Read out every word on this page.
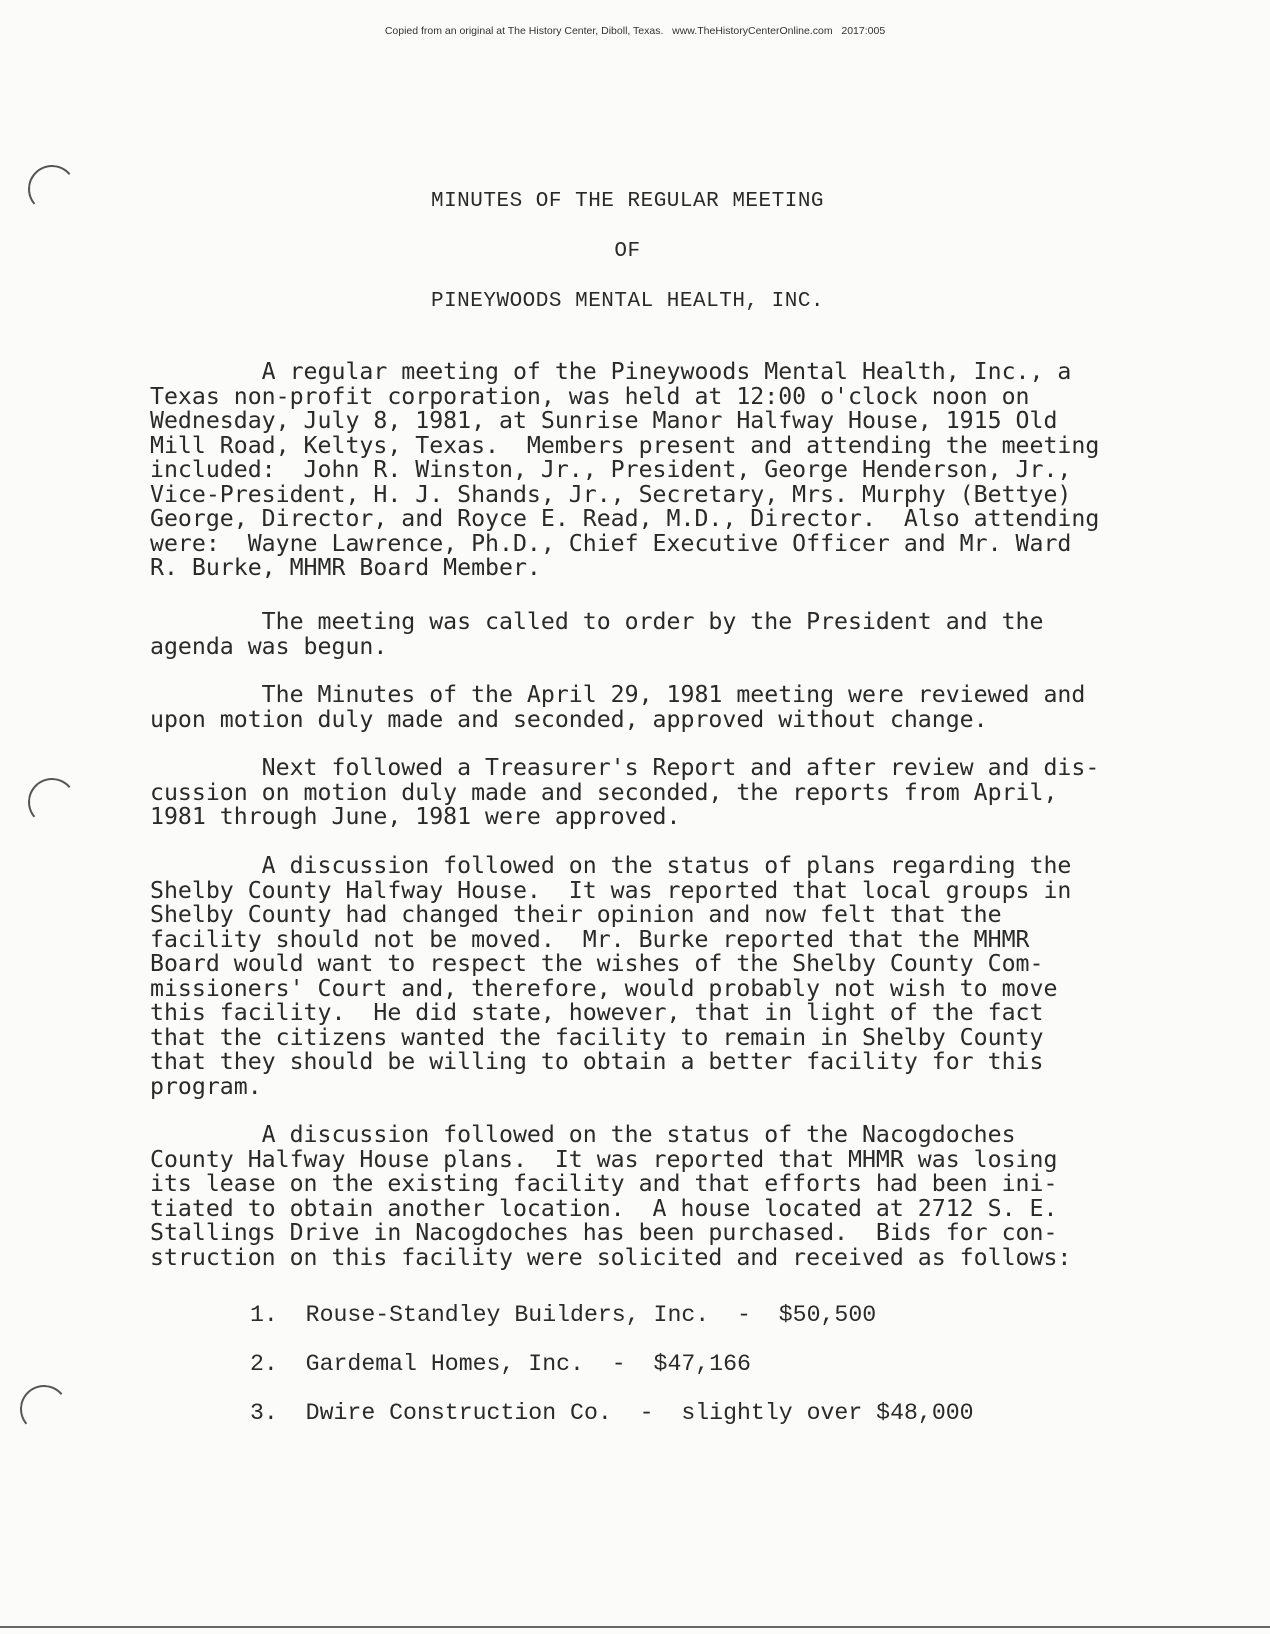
Copied from an original at The History Center, Diboll, Texas.   www.TheHistoryCenterOnline.com   2017:005
MINUTES OF THE REGULAR MEETING
OF
PINEYWOODS MENTAL HEALTH, INC.
A regular meeting of the Pineywoods Mental Health, Inc., a
Texas non-profit corporation, was held at 12:00 o'clock noon on
Wednesday, July 8, 1981, at Sunrise Manor Halfway House, 1915 Old
Mill Road, Keltys, Texas.  Members present and attending the meeting
included:  John R. Winston, Jr., President, George Henderson, Jr.,
Vice-President, H. J. Shands, Jr., Secretary, Mrs. Murphy (Bettye)
George, Director, and Royce E. Read, M.D., Director.  Also attending
were:  Wayne Lawrence, Ph.D., Chief Executive Officer and Mr. Ward
R. Burke, MHMR Board Member.
The meeting was called to order by the President and the
agenda was begun.
The Minutes of the April 29, 1981 meeting were reviewed and
upon motion duly made and seconded, approved without change.
Next followed a Treasurer's Report and after review and dis-
cussion on motion duly made and seconded, the reports from April,
1981 through June, 1981 were approved.
A discussion followed on the status of plans regarding the
Shelby County Halfway House.  It was reported that local groups in
Shelby County had changed their opinion and now felt that the
facility should not be moved.  Mr. Burke reported that the MHMR
Board would want to respect the wishes of the Shelby County Com-
missioners' Court and, therefore, would probably not wish to move
this facility.  He did state, however, that in light of the fact
that the citizens wanted the facility to remain in Shelby County
that they should be willing to obtain a better facility for this
program.
A discussion followed on the status of the Nacogdoches
County Halfway House plans.  It was reported that MHMR was losing
its lease on the existing facility and that efforts had been ini-
tiated to obtain another location.  A house located at 2712 S. E.
Stallings Drive in Nacogdoches has been purchased.  Bids for con-
struction on this facility were solicited and received as follows:
1.  Rouse-Standley Builders, Inc.  -  $50,500
2.  Gardemal Homes, Inc.  -  $47,166
3.  Dwire Construction Co.  -  slightly over $48,000
